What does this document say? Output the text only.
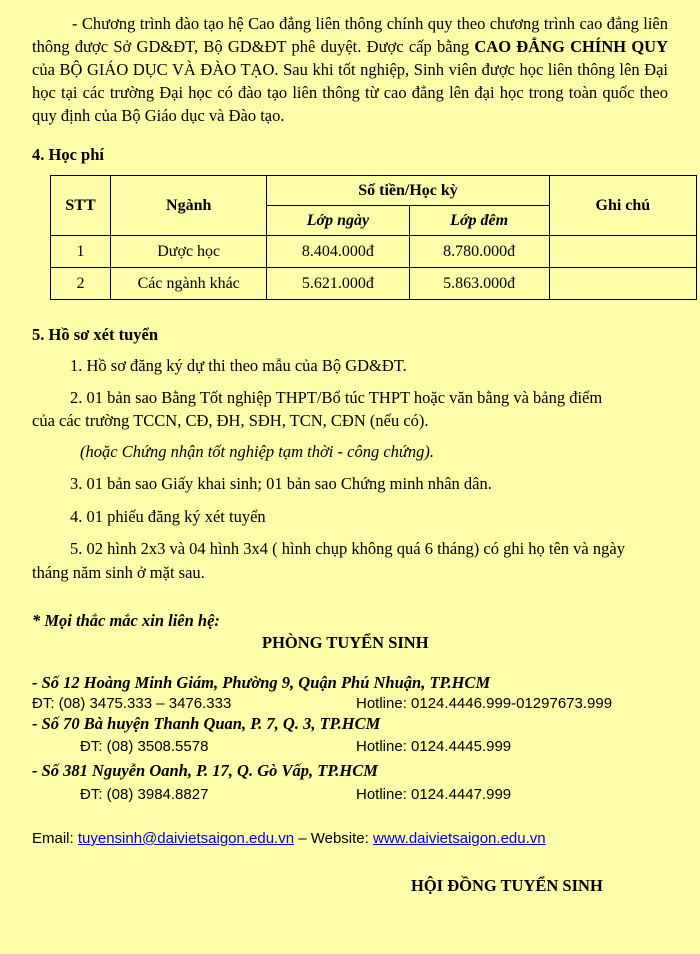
- Chương trình đào tạo hệ Cao đẳng liên thông chính quy theo chương trình cao đẳng liên thông được Sở GD&ĐT, Bộ GD&ĐT phê duyệt. Được cấp bằng CAO ĐẲNG CHÍNH QUY của BỘ GIÁO DỤC VÀ ĐÀO TẠO. Sau khi tốt nghiệp, Sinh viên được học liên thông lên Đại học tại các trường Đại học có đào tạo liên thông từ cao đẳng lên đại học trong toàn quốc theo quy định của Bộ Giáo dục và Đào tạo.
4. Học phí
STT	Ngành	Số tiền/Học kỳ		Ghi chú
		Lớp ngày	Lớp đêm	
1	Dược học	8.404.000đ	8.780.000đ	
2	Các ngành khác	5.621.000đ	5.863.000đ	
5. Hồ sơ xét tuyển
1. Hồ sơ đăng ký dự thi theo mẫu của Bộ GD&ĐT.
2. 01 bản sao Bằng Tốt nghiệp THPT/Bổ túc THPT hoặc văn bằng và bảng điểm
của các trường TCCN, CĐ, ĐH, SĐH, TCN, CĐN (nếu có).
(hoặc Chứng nhận tốt nghiệp tạm thời - công chứng).
3. 01 bản sao Giấy khai sinh; 01 bản sao Chứng minh nhân dân.
4. 01 phiếu đăng ký xét tuyển
5. 02 hình 2x3 và 04 hình 3x4 ( hình chụp không quá 6 tháng) có ghi họ tên và ngày
tháng năm sinh ở mặt sau.
* Mọi thắc mắc xin liên hệ:
PHÒNG TUYỂN SINH
- Số 12 Hoàng Minh Giám, Phường 9, Quận Phú Nhuận, TP.HCM
ĐT: (08) 3475.333 – 3476.333	Hotline: 0124.4446.999-01297673.999
- Số 70 Bà huyện Thanh Quan, P. 7, Q. 3, TP.HCM
ĐT: (08) 3508.5578	Hotline: 0124.4445.999
- Số 381 Nguyễn Oanh, P. 17, Q. Gò Vấp, TP.HCM
ĐT: (08) 3984.8827	Hotline: 0124.4447.999
Email: tuyensinh@daivietsaigon.edu.vn – Website: www.daivietsaigon.edu.vn
HỘI ĐỒNG TUYỂN SINH
